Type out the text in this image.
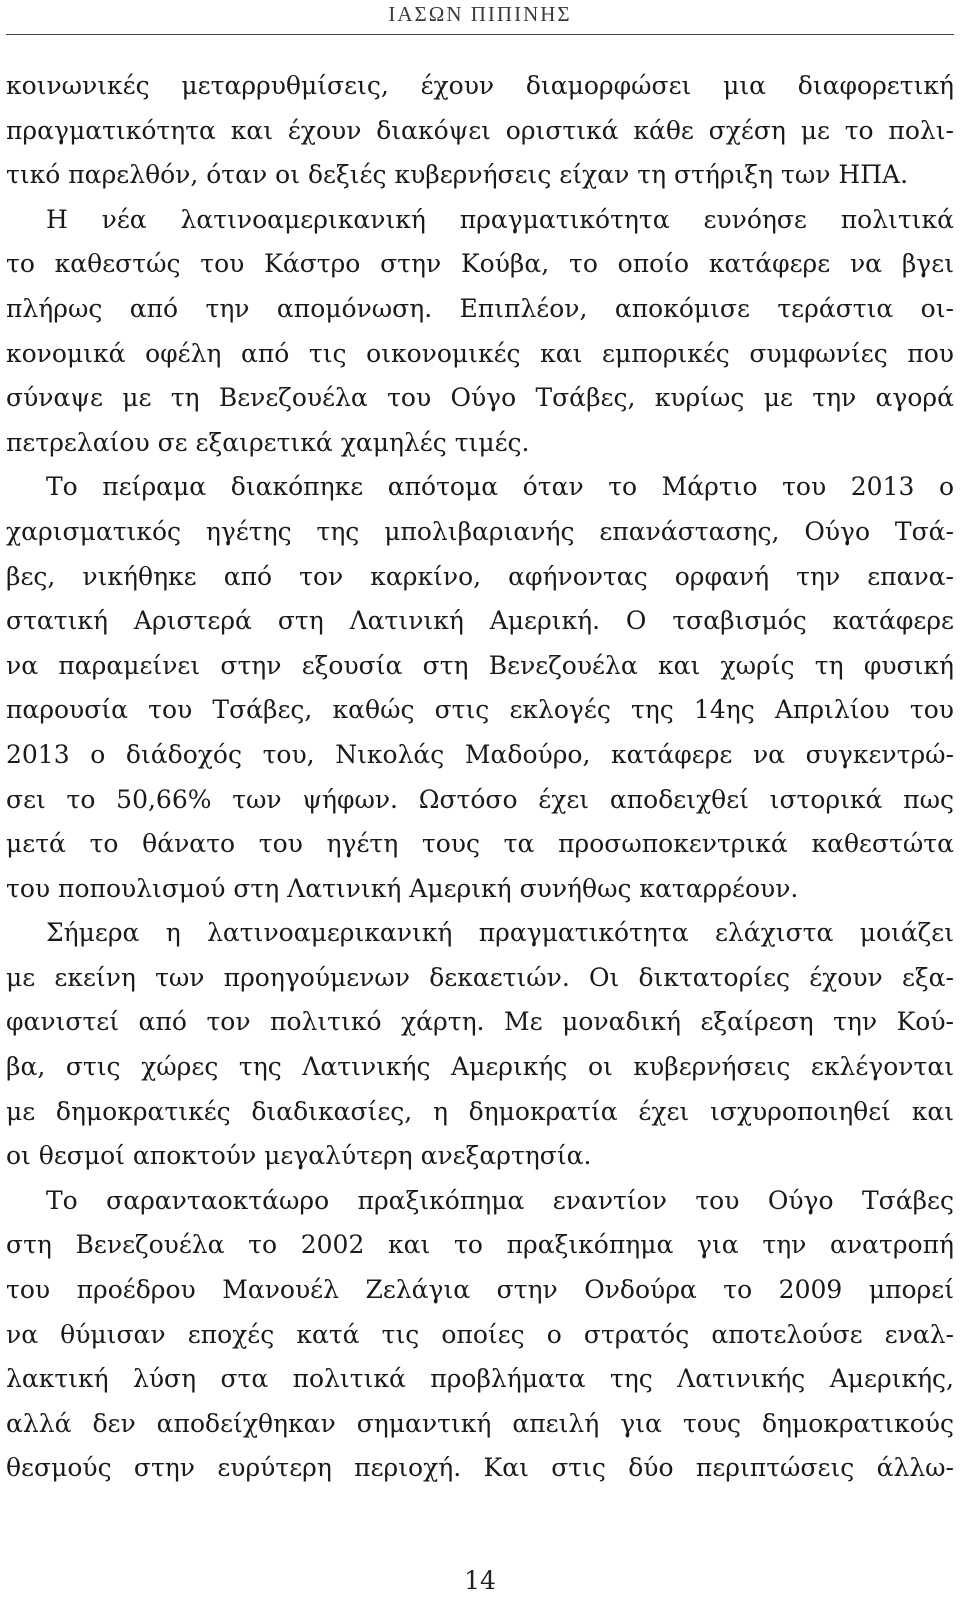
ΙΑΣΩΝ ΠΙΠΙΝΗΣ
κοινωνικές μεταρρυθμίσεις, έχουν διαμορφώσει μια διαφορετική
πραγματικότητα και έχουν διακόψει οριστικά κάθε σχέση με το πολι-
τικό παρελθόν, όταν οι δεξιές κυβερνήσεις είχαν τη στήριξη των ΗΠΑ.
Η νέα λατινοαμερικανική πραγματικότητα ευνόησε πολιτικά
το καθεστώς του Κάστρο στην Κούβα, το οποίο κατάφερε να βγει
πλήρως από την απομόνωση. Επιπλέον, αποκόμισε τεράστια οι-
κονομικά οφέλη από τις οικονομικές και εμπορικές συμφωνίες που
σύναψε με τη Βενεζουέλα του Ούγο Τσάβες, κυρίως με την αγορά
πετρελαίου σε εξαιρετικά χαμηλές τιμές.
Το πείραμα διακόπηκε απότομα όταν το Μάρτιο του 2013 ο
χαρισματικός ηγέτης της μπολιβαριανής επανάστασης, Ούγο Τσά-
βες, νικήθηκε από τον καρκίνο, αφήνοντας ορφανή την επανα-
στατική Αριστερά στη Λατινική Αμερική. Ο τσαβισμός κατάφερε
να παραμείνει στην εξουσία στη Βενεζουέλα και χωρίς τη φυσική
παρουσία του Τσάβες, καθώς στις εκλογές της 14ης Απριλίου του
2013 ο διάδοχός του, Νικολάς Μαδούρο, κατάφερε να συγκεντρώ-
σει το 50,66% των ψήφων. Ωστόσο έχει αποδειχθεί ιστορικά πως
μετά το θάνατο του ηγέτη τους τα προσωποκεντρικά καθεστώτα
του ποπουλισμού στη Λατινική Αμερική συνήθως καταρρέουν.
Σήμερα η λατινοαμερικανική πραγματικότητα ελάχιστα μοιάζει
με εκείνη των προηγούμενων δεκαετιών. Οι δικτατορίες έχουν εξα-
φανιστεί από τον πολιτικό χάρτη. Με μοναδική εξαίρεση την Κού-
βα, στις χώρες της Λατινικής Αμερικής οι κυβερνήσεις εκλέγονται
με δημοκρατικές διαδικασίες, η δημοκρατία έχει ισχυροποιηθεί και
οι θεσμοί αποκτούν μεγαλύτερη ανεξαρτησία.
Το σαρανταοκτάωρο πραξικόπημα εναντίον του Ούγο Τσάβες
στη Βενεζουέλα το 2002 και το πραξικόπημα για την ανατροπή
του προέδρου Μανουέλ Ζελάγια στην Ονδούρα το 2009 μπορεί
να θύμισαν εποχές κατά τις οποίες ο στρατός αποτελούσε εναλ-
λακτική λύση στα πολιτικά προβλήματα της Λατινικής Αμερικής,
αλλά δεν αποδείχθηκαν σημαντική απειλή για τους δημοκρατικούς
θεσμούς στην ευρύτερη περιοχή. Και στις δύο περιπτώσεις άλλω-
14
